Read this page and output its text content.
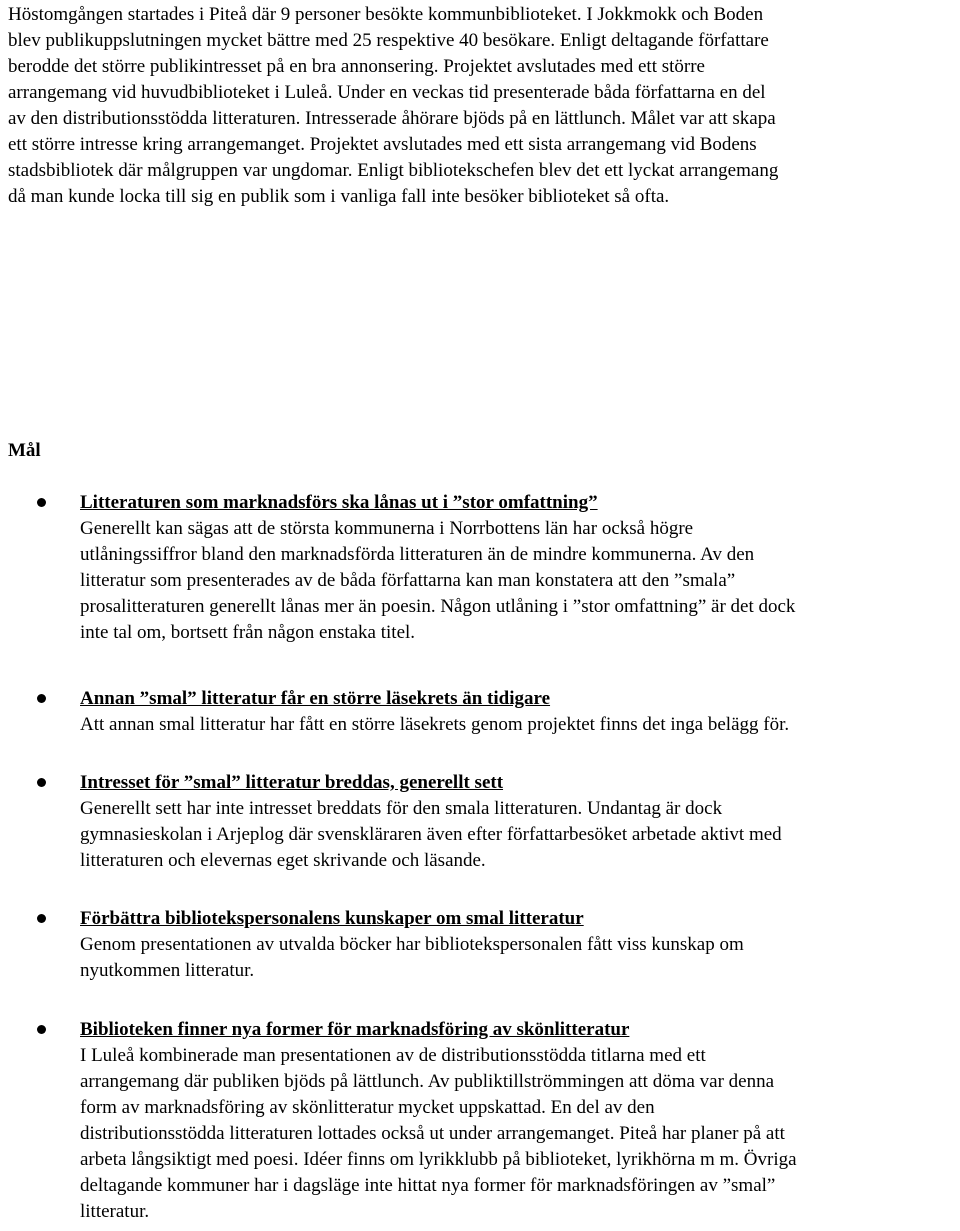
Höstomgången startades i Piteå där 9 personer besökte kommunbiblioteket. I Jokkmokk och Boden
blev publikuppslutningen mycket bättre med 25 respektive 40 besökare. Enligt deltagande författare
berodde det större publikintresset på en bra annonsering. Projektet avslutades med ett större
arrangemang vid huvudbiblioteket i Luleå. Under en veckas tid presenterade båda författarna en del
av den distributionsstödda litteraturen. Intresserade åhörare bjöds på en lättlunch. Målet var att skapa
ett större intresse kring arrangemanget. Projektet avslutades med ett sista arrangemang vid Bodens
stadsbibliotek där målgruppen var ungdomar. Enligt bibliotekschefen blev det ett lyckat arrangemang
då man kunde locka till sig en publik som i vanliga fall inte besöker biblioteket så ofta.
Mål
Litteraturen som marknadsförs ska lånas ut i ”stor omfattning”
Generellt kan sägas att de största kommunerna i Norrbottens län har också högre
utlåningssiffror bland den marknadsförda litteraturen än de mindre kommunerna. Av den
litteratur som presenterades av de båda författarna kan man konstatera att den ”smala”
prosalitteraturen generellt lånas mer än poesin. Någon utlåning i ”stor omfattning” är det dock
inte tal om, bortsett från någon enstaka titel.
Annan ”smal” litteratur får en större läsekrets än tidigare
Att annan smal litteratur har fått en större läsekrets genom projektet finns det inga belägg för.
Intresset för ”smal” litteratur breddas, generellt sett
Generellt sett har inte intresset breddats för den smala litteraturen. Undantag är dock
gymnasieskolan i Arjeplog där svenskläraren även efter författarbesöket arbetade aktivt med
litteraturen och elevernas eget skrivande och läsande.
Förbättra bibliotekspersonalens kunskaper om smal litteratur
Genom presentationen av utvalda böcker har bibliotekspersonalen fått viss kunskap om
nyutkommen litteratur.
Biblioteken finner nya former för marknadsföring av skönlitteratur
I Luleå kombinerade man presentationen av de distributionsstödda titlarna med ett
arrangemang där publiken bjöds på lättlunch. Av publiktillströmmingen att döma var denna
form av marknadsföring av skönlitteratur mycket uppskattad. En del av den
distributionsstödda litteraturen lottades också ut under arrangemanget. Piteå har planer på att
arbeta långsiktigt med poesi. Idéer finns om lyrikklubb på biblioteket, lyrikhörna m m. Övriga
deltagande kommuner har i dagsläge inte hittat nya former för marknadsföringen av ”smal”
litteratur.
